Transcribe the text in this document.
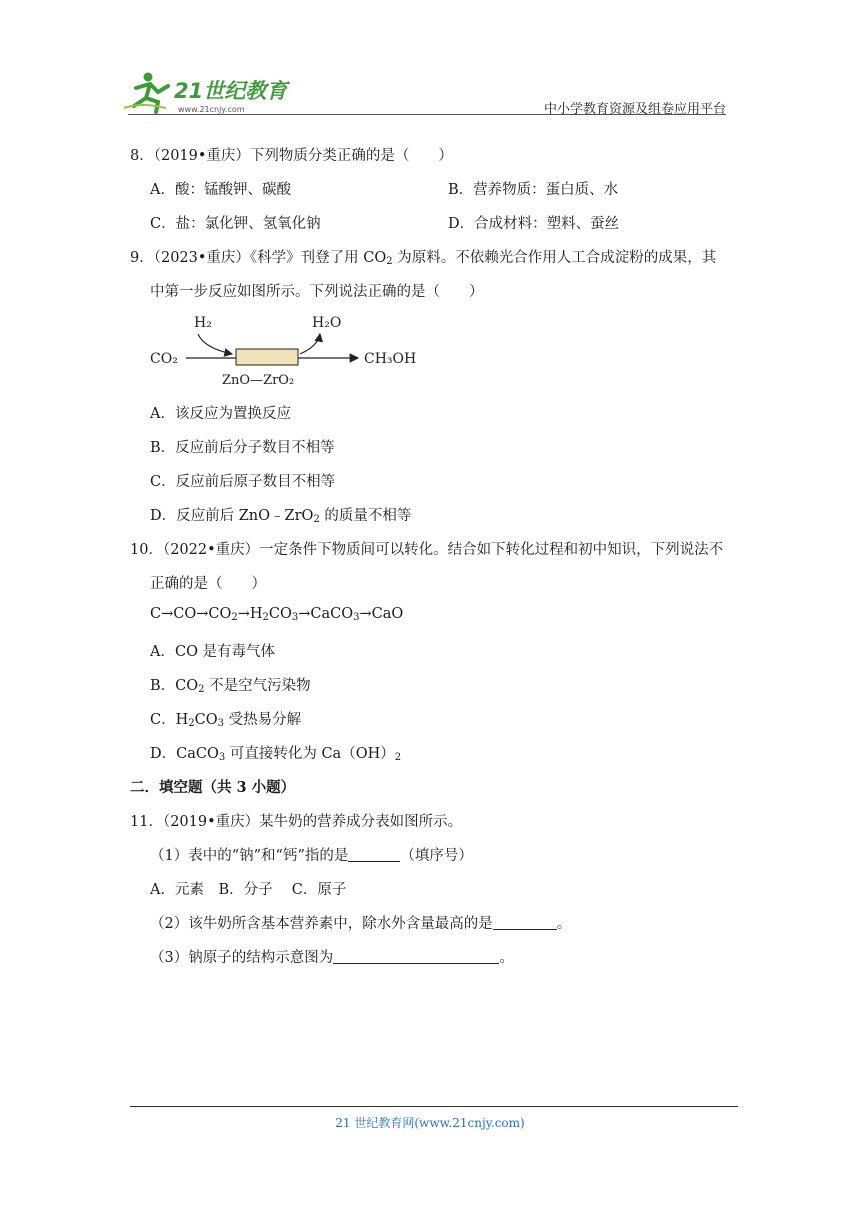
21世纪教育
www.21cnjy.com	中小学教育资源及组卷应用平台
8．（2019•重庆）下列物质分类正确的是（　　）
A．酸：锰酸钾、碳酸	B．营养物质：蛋白质、水
C．盐：氯化钾、氢氧化钠	D．合成材料：塑料、蚕丝
9．（2023•重庆）《科学》刊登了用 $CO_2$ 为原料。不依赖光合作用人工合成淀粉的成果，其
中第一步反应如图所示。下列说法正确的是（　　）
CO₂
H₂	H₂O
CH₃OH
ZnO—ZrO₂
A．该反应为置换反应
B．反应前后分子数目不相等
C．反应前后原子数目不相等
D．反应前后 ZnO﹣ZrO$_2$ 的质量不相等
10．（2022•重庆）一定条件下物质间可以转化。结合如下转化过程和初中知识，下列说法不
正确的是（　　）
$C\to CO\to CO_2\to H_2CO_3\to CaCO_3\to CaO$
A．CO 是有毒气体
B．$CO_2$ 不是空气污染物
C．$H_2CO_3$ 受热易分解
D．CaCO$_3$ 可直接转化为 $Ca(OH)_2$
二．填空题（共 3 小题）
11．（2019•重庆）某牛奶的营养成分表如图所示。
（1）表中的“钠”和“钙”指的是	（填序号）
A．元素　B．分子　 C．原子
（2）该牛奶所含基本营养素中，除水外含量最高的是	。
（3）钠原子的结构示意图为	。
21 世纪教育网(www.21cnjy.com)
